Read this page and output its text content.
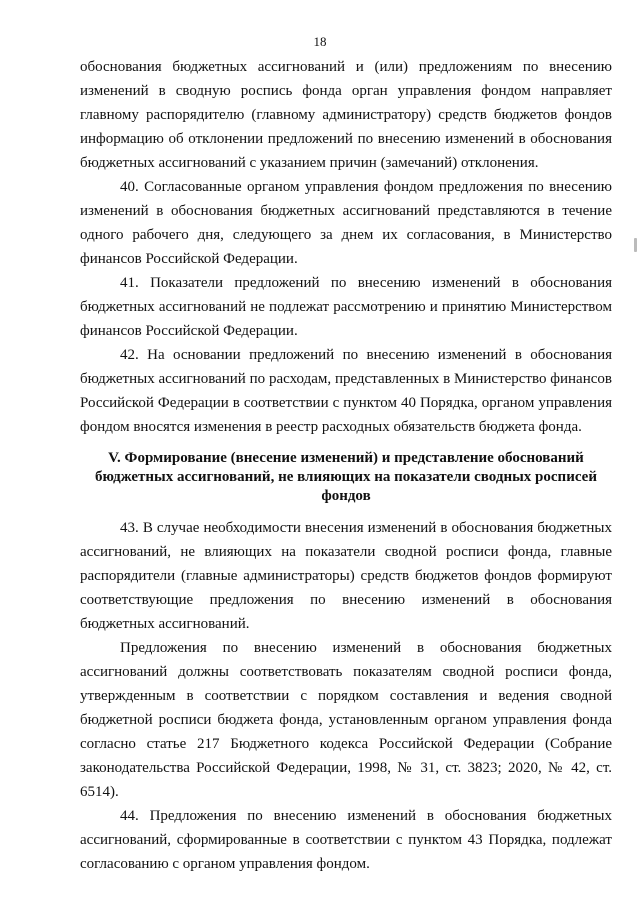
18

обоснования бюджетных ассигнований и (или) предложениям по внесению изменений в сводную роспись фонда орган управления фондом направляет главному распорядителю (главному администратору) средств бюджетов фондов информацию об отклонении предложений по внесению изменений в обоснования бюджетных ассигнований с указанием причин (замечаний) отклонения.

40. Согласованные органом управления фондом предложения по внесению изменений в обоснования бюджетных ассигнований представляются в течение одного рабочего дня, следующего за днем их согласования, в Министерство финансов Российской Федерации.

41. Показатели предложений по внесению изменений в обоснования бюджетных ассигнований не подлежат рассмотрению и принятию Министерством финансов Российской Федерации.

42. На основании предложений по внесению изменений в обоснования бюджетных ассигнований по расходам, представленных в Министерство финансов Российской Федерации в соответствии с пунктом 40 Порядка, органом управления фондом вносятся изменения в реестр расходных обязательств бюджета фонда.

V. Формирование (внесение изменений) и представление обоснований бюджетных ассигнований, не влияющих на показатели сводных росписей фондов

43. В случае необходимости внесения изменений в обоснования бюджетных ассигнований, не влияющих на показатели сводной росписи фонда, главные распорядители (главные администраторы) средств бюджетов фондов формируют соответствующие предложения по внесению изменений в обоснования бюджетных ассигнований.

Предложения по внесению изменений в обоснования бюджетных ассигнований должны соответствовать показателям сводной росписи фонда, утвержденным в соответствии с порядком составления и ведения сводной бюджетной росписи бюджета фонда, установленным органом управления фонда согласно статье 217 Бюджетного кодекса Российской Федерации (Собрание законодательства Российской Федерации, 1998, № 31, ст. 3823; 2020, № 42, ст. 6514).

44. Предложения по внесению изменений в обоснования бюджетных ассигнований, сформированные в соответствии с пунктом 43 Порядка, подлежат согласованию с органом управления фондом.
